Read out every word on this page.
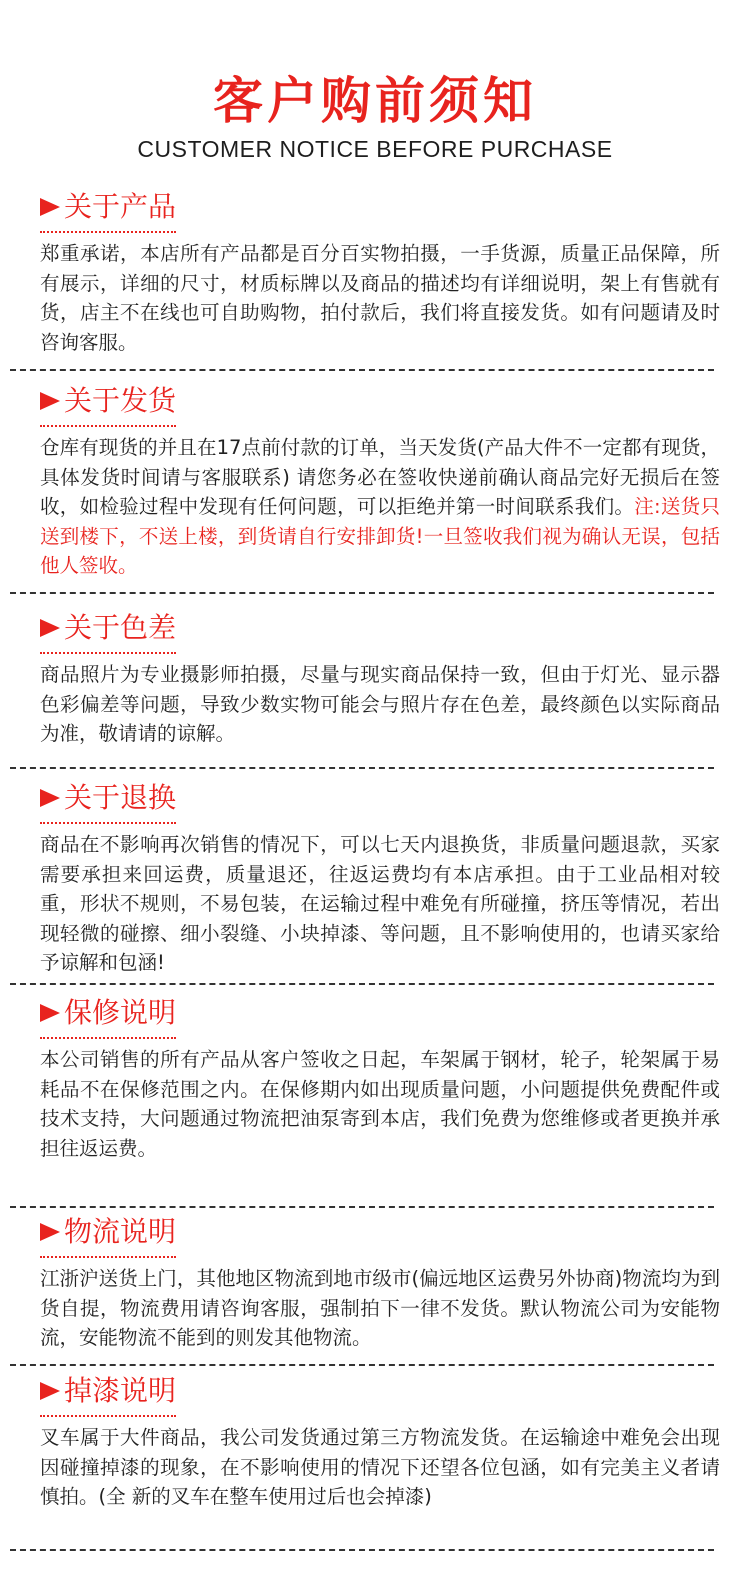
客户购前须知
CUSTOMER NOTICE BEFORE PURCHASE
关于产品
郑重承诺，本店所有产品都是百分百实物拍摄，一手货源，质量正品保障，所有展示，详细的尺寸，材质标牌以及商品的描述均有详细说明，架上有售就有货，店主不在线也可自助购物，拍付款后，我们将直接发货。如有问题请及时咨询客服。
关于发货
仓库有现货的并且在17点前付款的订单，当天发货(产品大件不一定都有现货，具体发货时间请与客服联系) 请您务必在签收快递前确认商品完好无损后在签收，如检验过程中发现有任何问题，可以拒绝并第一时间联系我们。注:送货只送到楼下，不送上楼，到货请自行安排卸货!一旦签收我们视为确认无误，包括他人签收。
关于色差
商品照片为专业摄影师拍摄，尽量与现实商品保持一致，但由于灯光、显示器色彩偏差等问题，导致少数实物可能会与照片存在色差，最终颜色以实际商品为准，敬请请的谅解。
关于退换
商品在不影响再次销售的情况下，可以七天内退换货，非质量问题退款，买家需要承担来回运费，质量退还，往返运费均有本店承担。由于工业品相对较重，形状不规则，不易包装，在运输过程中难免有所碰撞，挤压等情况，若出现轻微的碰擦、细小裂缝、小块掉漆、等问题，且不影响使用的，也请买家给予谅解和包涵!
保修说明
本公司销售的所有产品从客户签收之日起，车架属于钢材，轮子，轮架属于易耗品不在保修范围之内。在保修期内如出现质量问题，小问题提供免费配件或技术支持，大问题通过物流把油泵寄到本店，我们免费为您维修或者更换并承担往返运费。
物流说明
江浙沪送货上门，其他地区物流到地市级市(偏远地区运费另外协商)物流均为到货自提，物流费用请咨询客服，强制拍下一律不发货。默认物流公司为安能物流，安能物流不能到的则发其他物流。
掉漆说明
叉车属于大件商品，我公司发货通过第三方物流发货。在运输途中难免会出现因碰撞掉漆的现象，在不影响使用的情况下还望各位包涵，如有完美主义者请慎拍。(全 新的叉车在整车使用过后也会掉漆)
